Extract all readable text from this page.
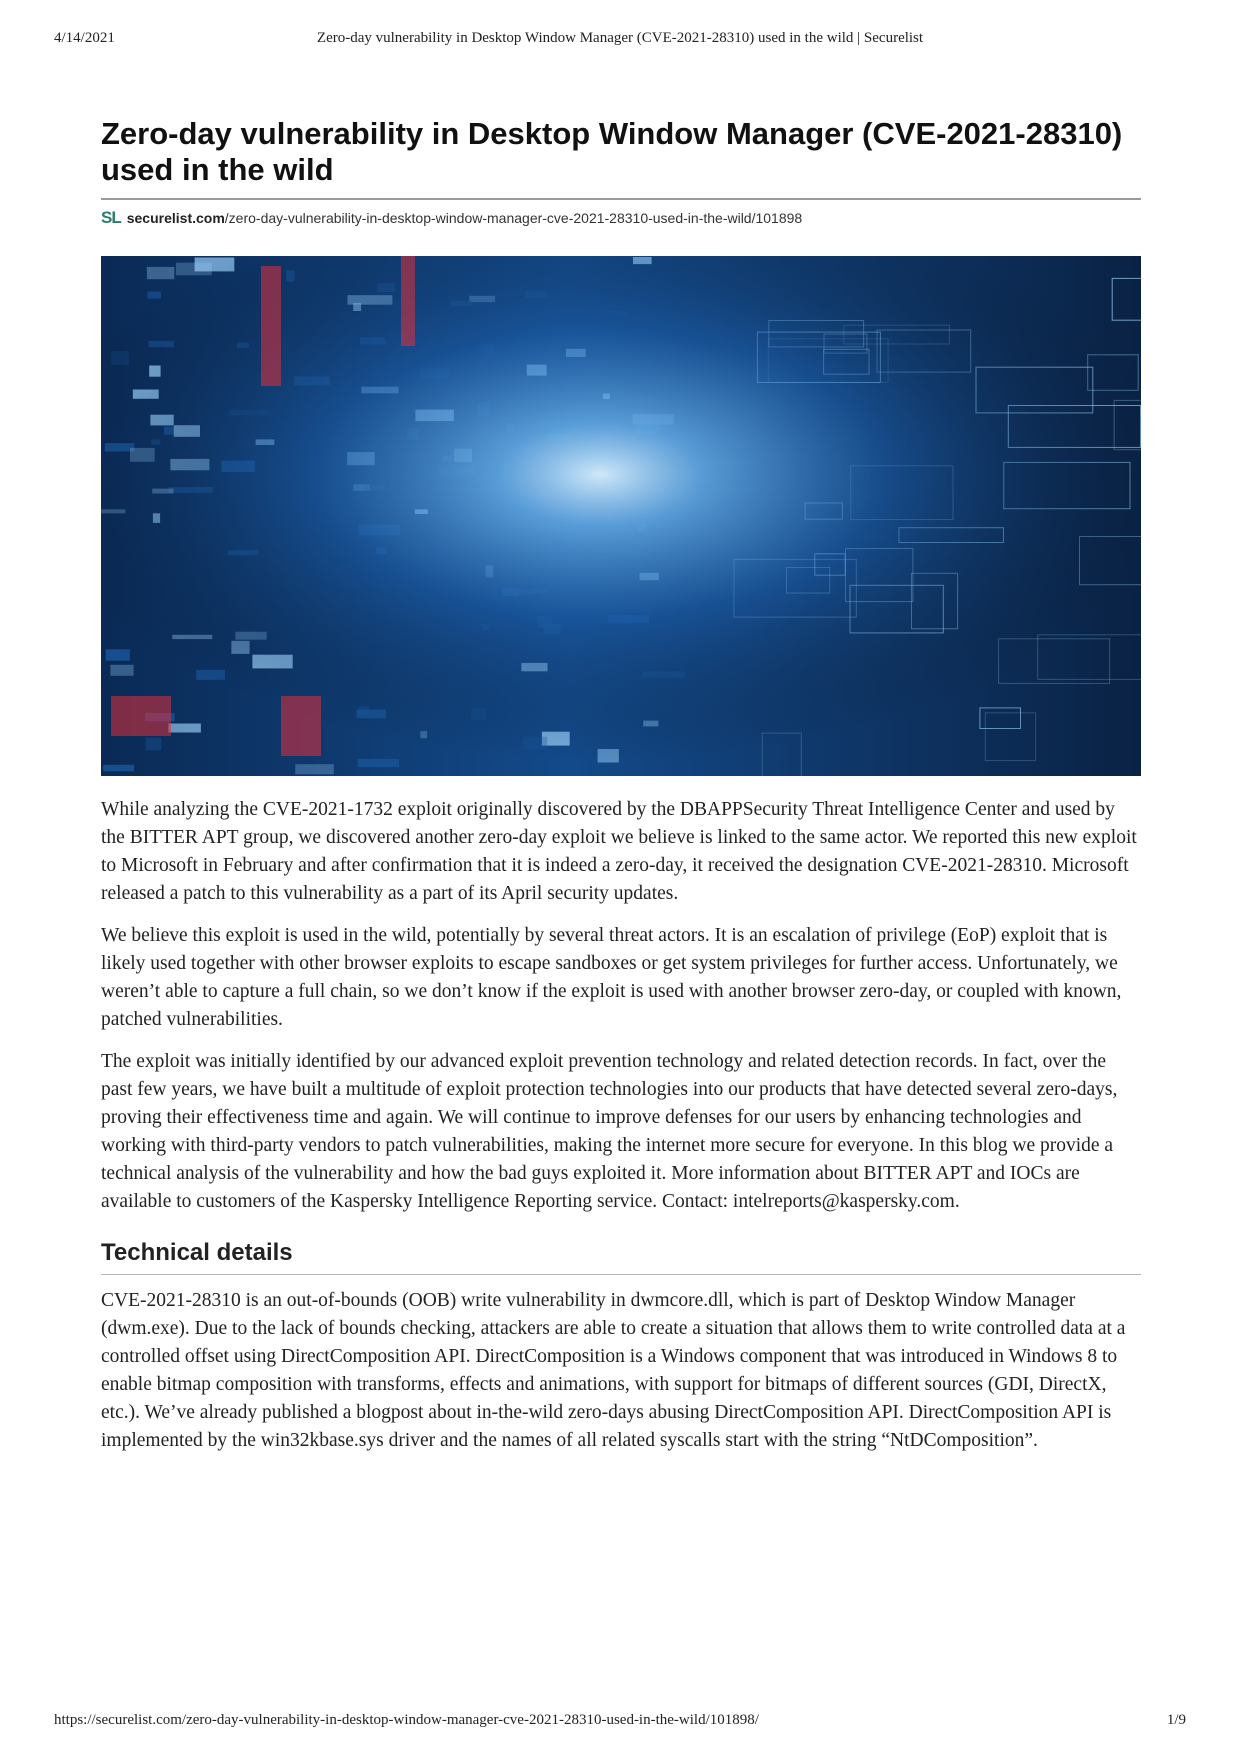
4/14/2021	Zero-day vulnerability in Desktop Window Manager (CVE-2021-28310) used in the wild | Securelist
Zero-day vulnerability in Desktop Window Manager (CVE-2021-28310) used in the wild
SL securelist.com/zero-day-vulnerability-in-desktop-window-manager-cve-2021-28310-used-in-the-wild/101898

While analyzing the CVE-2021-1732 exploit originally discovered by the DBAPPSecurity Threat Intelligence Center and used by the BITTER APT group, we discovered another zero-day exploit we believe is linked to the same actor. We reported this new exploit to Microsoft in February and after confirmation that it is indeed a zero-day, it received the designation CVE-2021-28310. Microsoft released a patch to this vulnerability as a part of its April security updates.

We believe this exploit is used in the wild, potentially by several threat actors. It is an escalation of privilege (EoP) exploit that is likely used together with other browser exploits to escape sandboxes or get system privileges for further access. Unfortunately, we weren’t able to capture a full chain, so we don’t know if the exploit is used with another browser zero-day, or coupled with known, patched vulnerabilities.

The exploit was initially identified by our advanced exploit prevention technology and related detection records. In fact, over the past few years, we have built a multitude of exploit protection technologies into our products that have detected several zero-days, proving their effectiveness time and again. We will continue to improve defenses for our users by enhancing technologies and working with third-party vendors to patch vulnerabilities, making the internet more secure for everyone. In this blog we provide a technical analysis of the vulnerability and how the bad guys exploited it. More information about BITTER APT and IOCs are available to customers of the Kaspersky Intelligence Reporting service. Contact: intelreports@kaspersky.com.

Technical details

CVE-2021-28310 is an out-of-bounds (OOB) write vulnerability in dwmcore.dll, which is part of Desktop Window Manager (dwm.exe). Due to the lack of bounds checking, attackers are able to create a situation that allows them to write controlled data at a controlled offset using DirectComposition API. DirectComposition is a Windows component that was introduced in Windows 8 to enable bitmap composition with transforms, effects and animations, with support for bitmaps of different sources (GDI, DirectX, etc.). We’ve already published a blogpost about in-the-wild zero-days abusing DirectComposition API. DirectComposition API is implemented by the win32kbase.sys driver and the names of all related syscalls start with the string “NtDComposition”.

https://securelist.com/zero-day-vulnerability-in-desktop-window-manager-cve-2021-28310-used-in-the-wild/101898/	1/9
